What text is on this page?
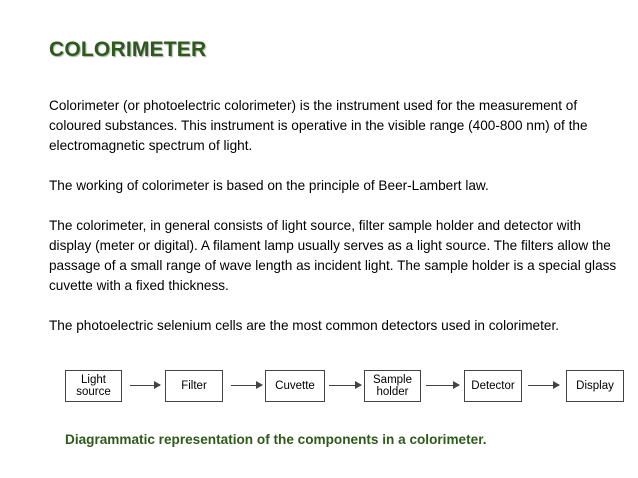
COLORIMETER

Colorimeter (or photoelectric colorimeter) is the instrument used for the measurement of coloured substances. This instrument is operative in the visible range (400-800 nm) of the electromagnetic spectrum of light.

The working of colorimeter is based on the principle of Beer-Lambert law.

The colorimeter, in general consists of light source, filter sample holder and detector with display (meter or digital). A filament lamp usually serves as a light source. The filters allow the passage of a small range of wave length as incident light. The sample holder is a special glass cuvette with a fixed thickness.

The photoelectric selenium cells are the most common detectors used in colorimeter.

Light source	Filter	Cuvette	Sample holder	Detector	Display
Diagrammatic representation of the components in a colorimeter.
